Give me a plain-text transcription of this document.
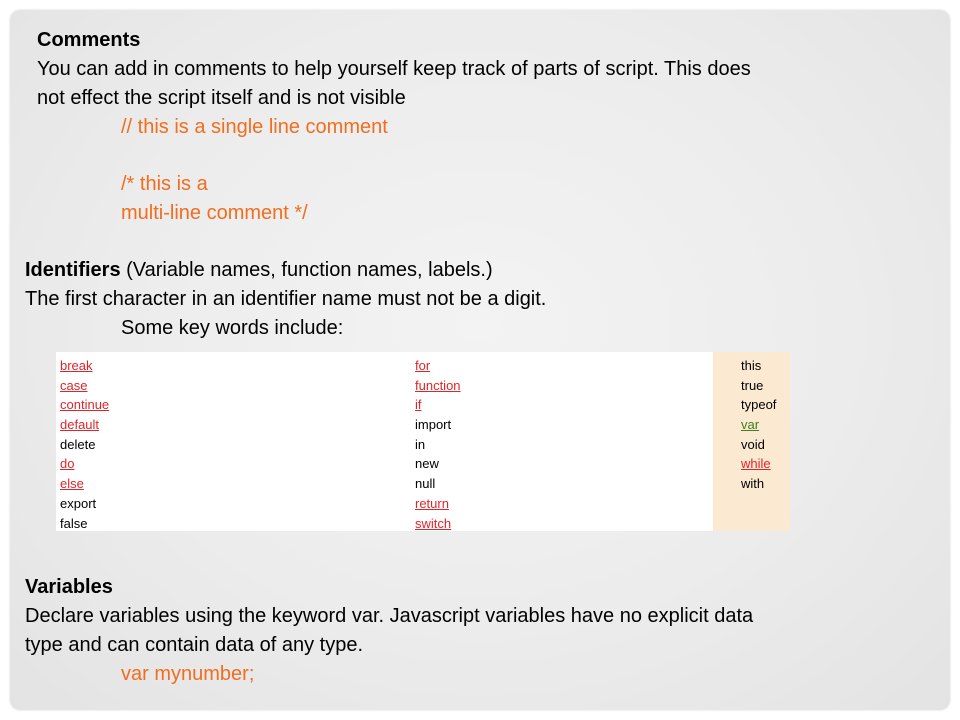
Comments
You can add in comments to help yourself keep track of parts of script. This does
not effect the script itself and is not visible
// this is a single line comment
/* this is a
multi-line comment */
Identifiers (Variable names, function names, labels.)
The first character in an identifier name must not be a digit.
Some key words include:
break
case
continue
default
delete
do
else
export
false
for
function
if
import
in
new
null
return
switch
this
true
typeof
var
void
while
with
Variables
Declare variables using the keyword var. Javascript variables have no explicit data
type and can contain data of any type.
var mynumber;
